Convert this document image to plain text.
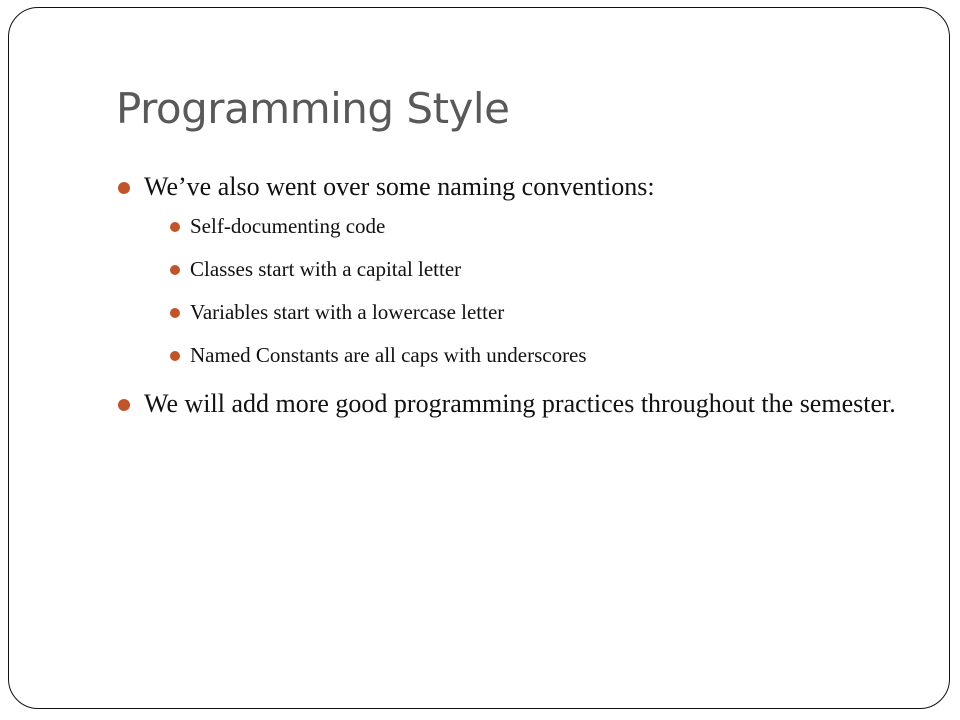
Programming Style
We’ve also went over some naming conventions:
Self-documenting code
Classes start with a capital letter
Variables start with a lowercase letter
Named Constants are all caps with underscores
We will add more good programming practices throughout the semester.
